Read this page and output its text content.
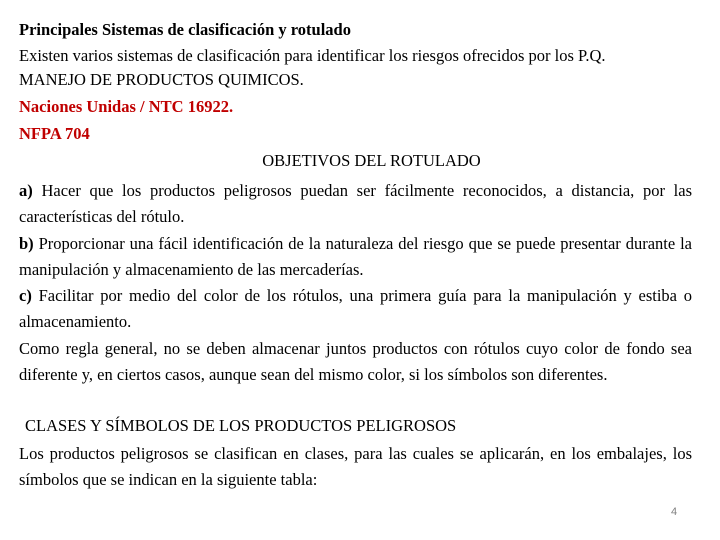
Principales Sistemas de clasificación y rotulado

Existen varios sistemas de clasificación para identificar los riesgos ofrecidos por los P.Q.

MANEJO DE PRODUCTOS QUIMICOS.

Naciones Unidas / NTC 16922.

NFPA 704

OBJETIVOS DEL ROTULADO

a) Hacer que los productos peligrosos puedan ser fácilmente reconocidos, a distancia, por las características del rótulo.

b) Proporcionar una fácil identificación de la naturaleza del riesgo que se puede presentar durante la manipulación y almacenamiento de las mercaderías.

c) Facilitar por medio del color de los rótulos, una primera guía para la manipulación y estiba o almacenamiento.

Como regla general, no se deben almacenar juntos productos con rótulos cuyo color de fondo sea diferente y, en ciertos casos, aunque sean del mismo color, si los símbolos son diferentes.

CLASES Y SÍMBOLOS DE LOS PRODUCTOS PELIGROSOS

Los productos peligrosos se clasifican en clases, para las cuales se aplicarán, en los embalajes, los símbolos que se indican en la siguiente tabla:

4
